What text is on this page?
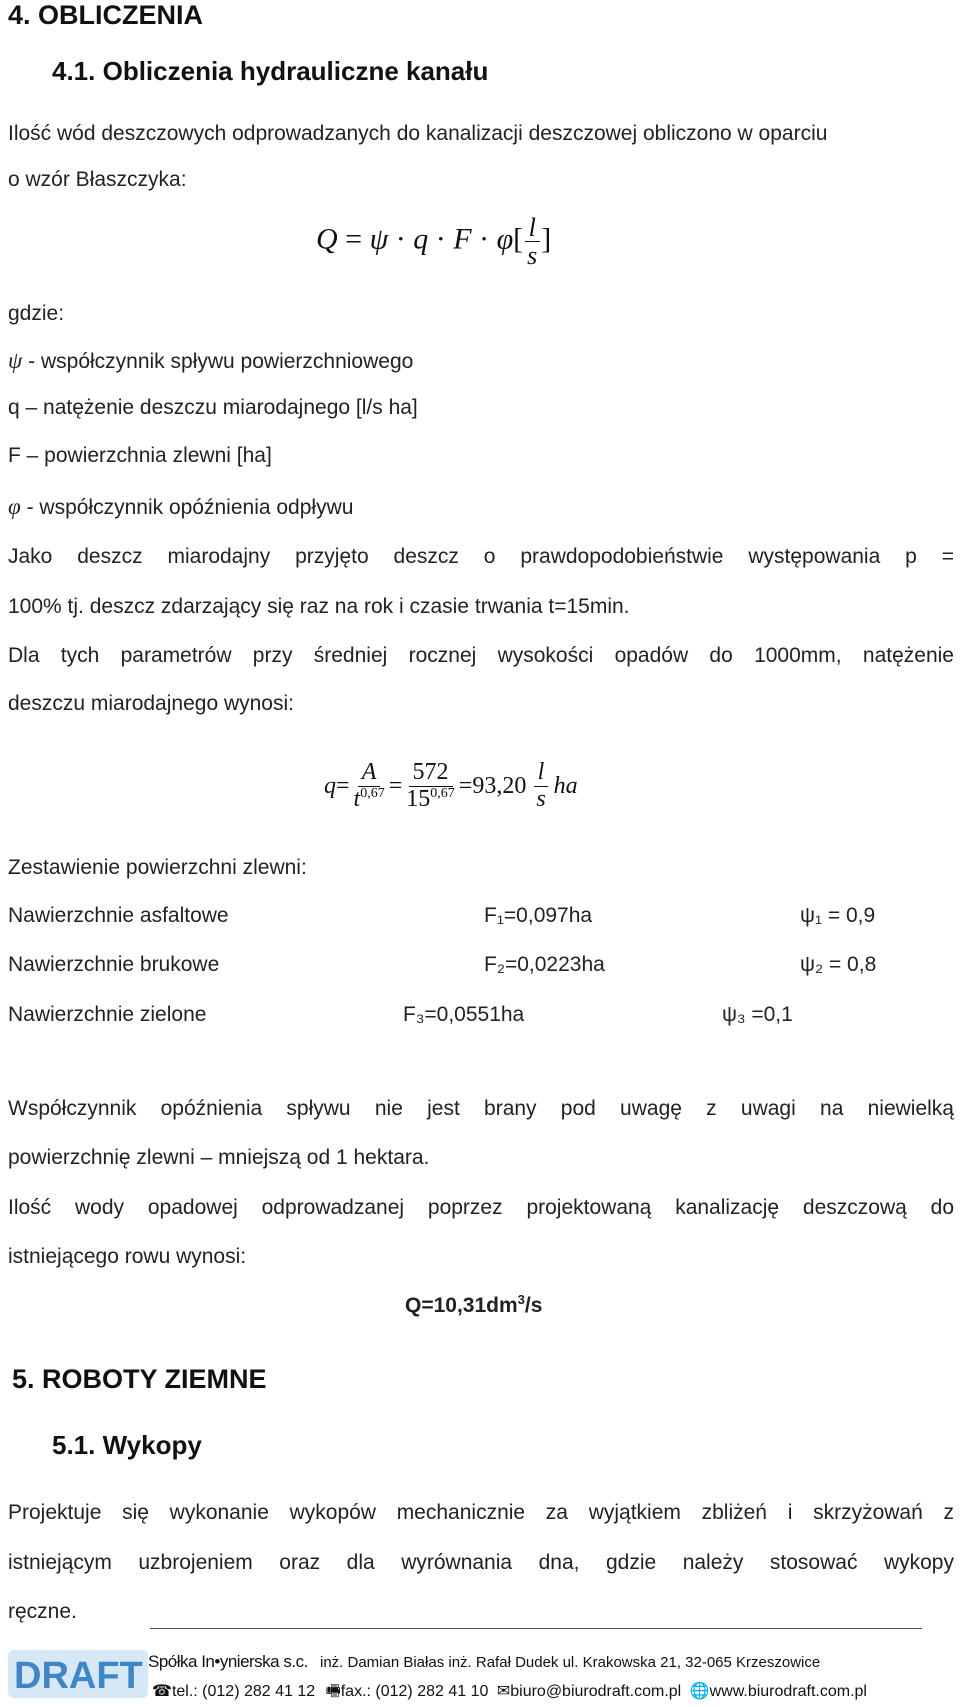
4. OBLICZENIA
4.1. Obliczenia hydrauliczne kanału
Ilość wód deszczowych odprowadzanych do kanalizacji deszczowej obliczono w oparciu
o wzór Błaszczyka:
$Q = \psi \cdot q \cdot F \cdot \varphi[ \frac{l}{s}$ ]
gdzie:
ψ - współczynnik spływu powierzchniowego
q – natężenie deszczu miarodajnego [l/s ha]
F – powierzchnia zlewni [ha]
φ - współczynnik opóźnienia odpływu
Jako deszcz miarodajny przyjęto deszcz o prawdopodobieństwie występowania p =
100% tj. deszcz zdarzający się raz na rok i czasie trwania t=15min.
Dla tych parametrów przy średniej rocznej wysokości opadów do 1000mm, natężenie
deszczu miarodajnego wynosi:
$q = \frac{A}{t^{0,67}} = \frac{572}{15^{0,67}} = 93,20 \frac{l}{s}$ ha
Zestawienie powierzchni zlewni:
Nawierzchnie asfaltowe	F₁=0,097ha	ψ₁ = 0,9
Nawierzchnie brukowe	F₂=0,0223ha	ψ₂ = 0,8
Nawierzchnie zielone	F₃=0,0551ha	ψ₃ =0,1
Współczynnik opóźnienia spływu nie jest brany pod uwagę z uwagi na niewielką
powierzchnię zlewni – mniejszą od 1 hektara.
Ilość wody opadowej odprowadzanej poprzez projektowaną kanalizację deszczową do
istniejącego rowu wynosi:
$Q=10,31dm^3/s$
5. ROBOTY ZIEMNE
5.1. Wykopy
Projektuje się wykonanie wykopów mechanicznie za wyjątkiem zbliżeń i skrzyżowań z
istniejącym uzbrojeniem oraz dla wyrównania dna, gdzie należy stosować wykopy
ręczne.
DRAFT Spółka In•ynierska s.c. inż. Damian Białas inż. Rafał Dudek ul. Krakowska 21, 32-065 Krzeszowice
☎tel.: (012) 282 41 12 🖷fax.: (012) 282 41 10 ✉biuro@biurodraft.com.pl 🌐www.biurodraft.com.pl
